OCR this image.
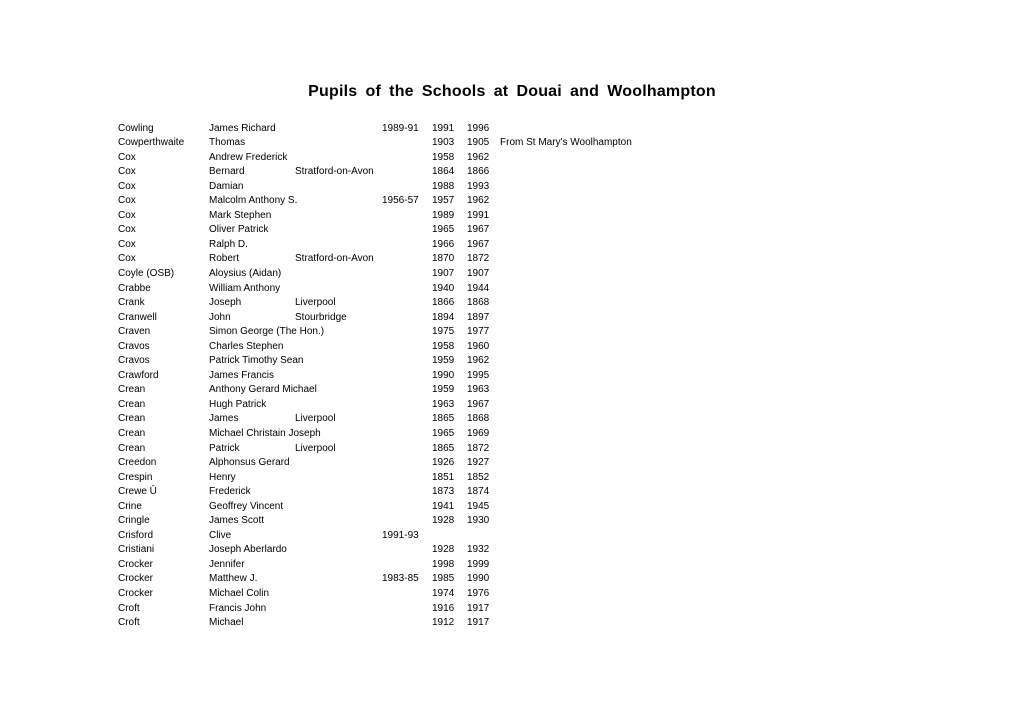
Pupils of the Schools at Douai and Woolhampton
Cowling	James Richard	1989-91 1991 1996
Cowperthwaite Thomas	1903 1905 From St Mary's Woolhampton
Cox	Andrew Frederick	1958 1962
Cox	Bernard	Stratford-on-Avon	1864 1866
Cox	Damian	1988 1993
Cox	Malcolm Anthony S.	1956-57 1957 1962
Cox	Mark Stephen	1989 1991
Cox	Oliver Patrick	1965 1967
Cox	Ralph D.	1966 1967
Cox	Robert	Stratford-on-Avon	1870 1872
Coyle (OSB)	Aloysius (Aidan)	1907 1907
Crabbe	William Anthony	1940 1944
Crank	Joseph	Liverpool	1866 1868
Cranwell	John	Stourbridge	1894 1897
Craven	Simon George (The Hon.)	1975 1977
Cravos	Charles Stephen	1958 1960
Cravos	Patrick Timothy Sean	1959 1962
Crawford	James Francis	1990 1995
Crean	Anthony Gerard Michael	1959 1963
Crean	Hugh Patrick	1963 1967
Crean	James	Liverpool	1865 1868
Crean	Michael Christain Joseph	1965 1969
Crean	Patrick	Liverpool	1865 1872
Creedon	Alphonsus Gerard	1926 1927
Crespin	Henry	1851 1852
Crewe Ū	Frederick	1873 1874
Crine	Geoffrey Vincent	1941 1945
Cringle	James Scott	1928 1930
Crisford	Clive	1991-93
Cristiani	Joseph Aberlardo	1928 1932
Crocker	Jennifer	1998 1999
Crocker	Matthew J.	1983-85 1985 1990
Crocker	Michael Colin	1974 1976
Croft	Francis John	1916 1917
Croft	Michael	1912 1917
